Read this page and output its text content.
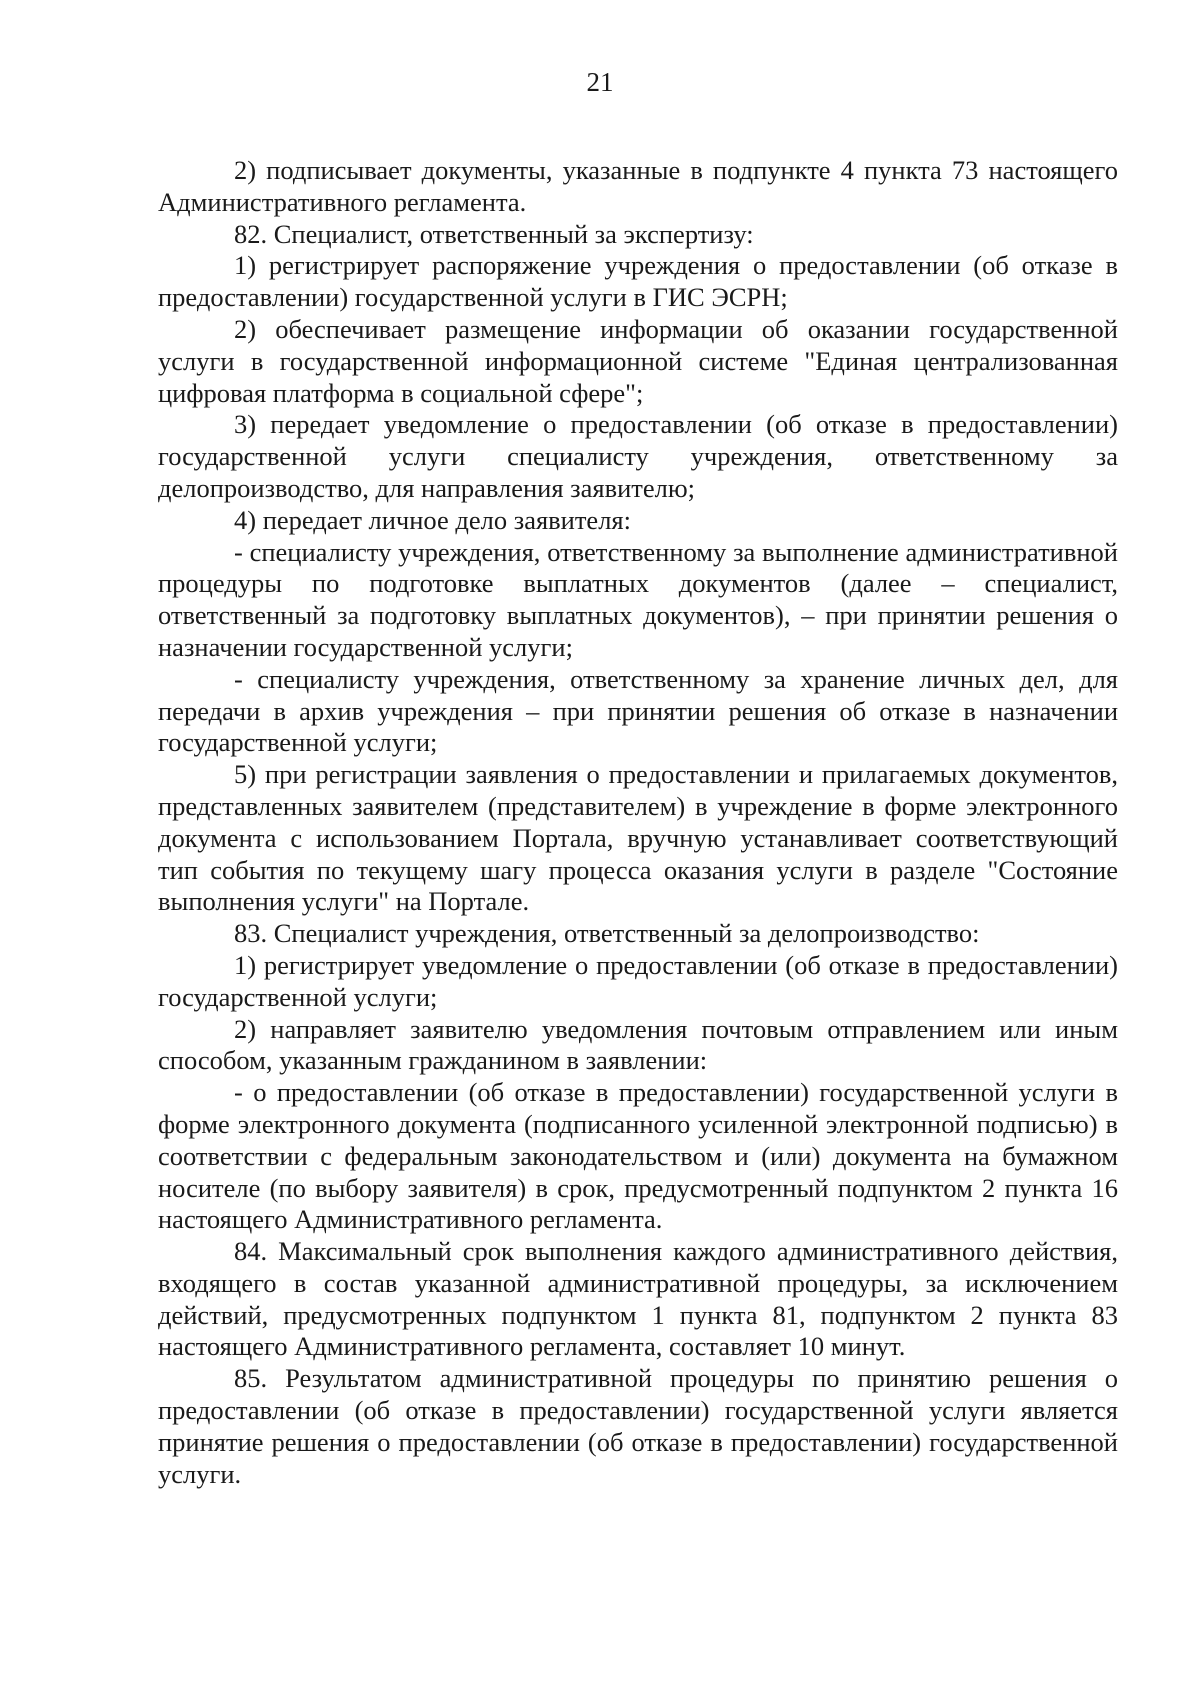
21

2) подписывает документы, указанные в подпункте 4 пункта 73 настоящего Административного регламента.

82. Специалист, ответственный за экспертизу:

1) регистрирует распоряжение учреждения о предоставлении (об отказе в предоставлении) государственной услуги в ГИС ЭСРН;

2) обеспечивает размещение информации об оказании государственной услуги в государственной информационной системе "Единая централизованная цифровая платформа в социальной сфере";

3) передает уведомление о предоставлении (об отказе в предоставлении) государственной услуги специалисту учреждения, ответственному за делопроизводство, для направления заявителю;

4) передает личное дело заявителя:

- специалисту учреждения, ответственному за выполнение административной процедуры по подготовке выплатных документов (далее – специалист, ответственный за подготовку выплатных документов), – при принятии решения о назначении государственной услуги;

- специалисту учреждения, ответственному за хранение личных дел, для передачи в архив учреждения – при принятии решения об отказе в назначении государственной услуги;

5) при регистрации заявления о предоставлении и прилагаемых документов, представленных заявителем (представителем) в учреждение в форме электронного документа с использованием Портала, вручную устанавливает соответствующий тип события по текущему шагу процесса оказания услуги в разделе "Состояние выполнения услуги" на Портале.

83. Специалист учреждения, ответственный за делопроизводство:

1) регистрирует уведомление о предоставлении (об отказе в предоставлении) государственной услуги;

2) направляет заявителю уведомления почтовым отправлением или иным способом, указанным гражданином в заявлении:

- о предоставлении (об отказе в предоставлении) государственной услуги в форме электронного документа (подписанного усиленной электронной подписью) в соответствии с федеральным законодательством и (или) документа на бумажном носителе (по выбору заявителя) в срок, предусмотренный подпунктом 2 пункта 16 настоящего Административного регламента.

84. Максимальный срок выполнения каждого административного действия, входящего в состав указанной административной процедуры, за исключением действий, предусмотренных подпунктом 1 пункта 81, подпунктом 2 пункта 83 настоящего Административного регламента, составляет 10 минут.

85. Результатом административной процедуры по принятию решения о предоставлении (об отказе в предоставлении) государственной услуги является принятие решения о предоставлении (об отказе в предоставлении) государственной услуги.
